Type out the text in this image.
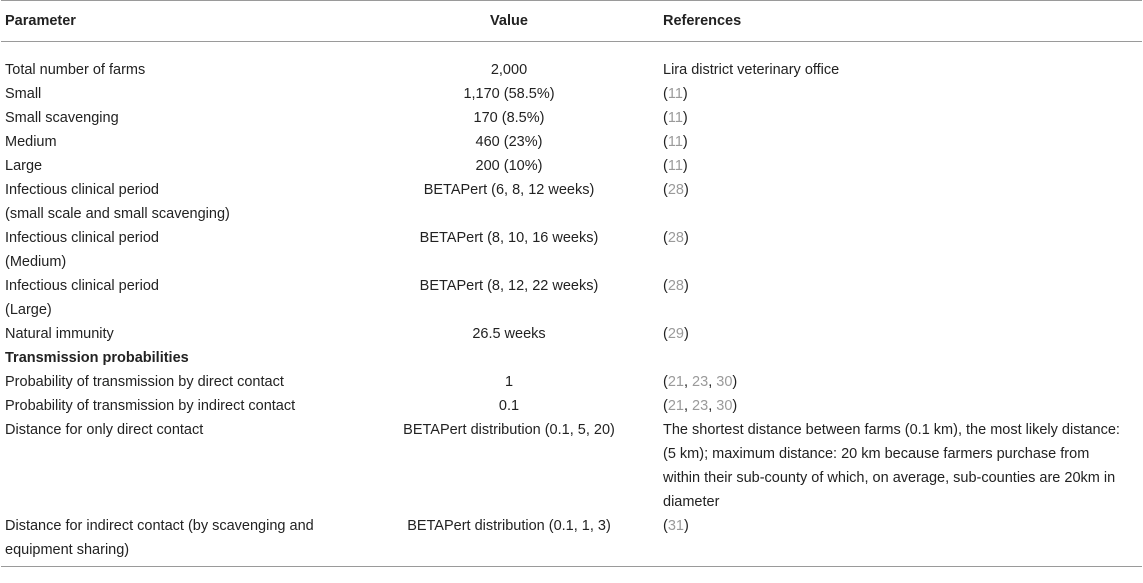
Parameter	Value	References
Total number of farms	2,000	Lira district veterinary office
Small	1,170 (58.5%)	(11)
Small scavenging	170 (8.5%)	(11)
Medium	460 (23%)	(11)
Large	200 (10%)	(11)
Infectious clinical period
(small scale and small scavenging)	BETAPert (6, 8, 12 weeks)	(28)
Infectious clinical period
(Medium)	BETAPert (8, 10, 16 weeks)	(28)
Infectious clinical period
(Large)	BETAPert (8, 12, 22 weeks)	(28)
Natural immunity	26.5 weeks	(29)
Transmission probabilities		
Probability of transmission by direct contact	1	(21, 23, 30)
Probability of transmission by indirect contact	0.1	(21, 23, 30)
Distance for only direct contact	BETAPert distribution (0.1, 5, 20)	The shortest distance between farms (0.1 km), the most likely distance:
(5 km); maximum distance: 20 km because farmers purchase from
within their sub-county of which, on average, sub-counties are 20km in
diameter
Distance for indirect contact (by scavenging and
equipment sharing)	BETAPert distribution (0.1, 1, 3)	(31)
